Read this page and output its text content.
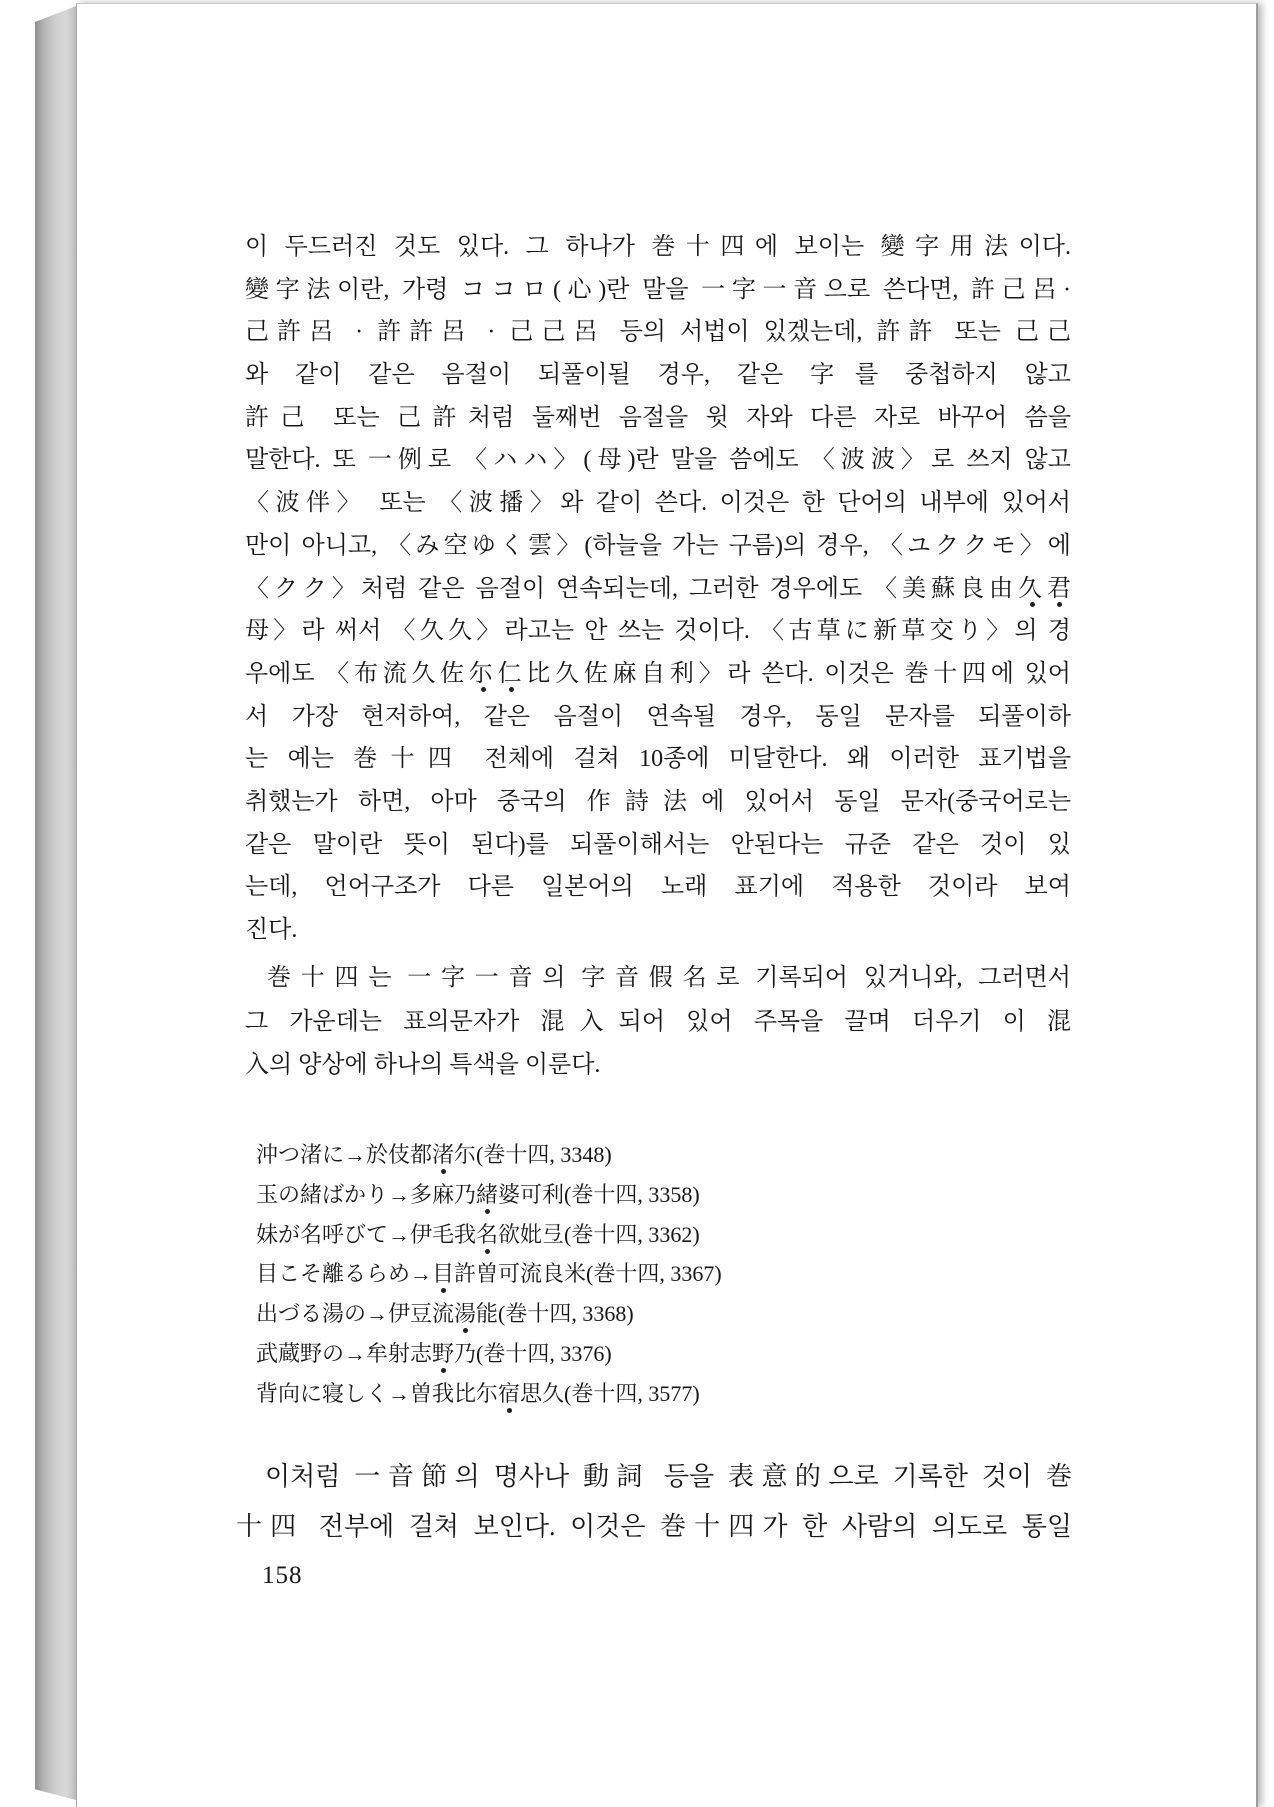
이 두드러진 것도 있다. 그 하나가 巻十四에 보이는 變字用法이다.
變字法이란, 가령 ココロ(心)란 말을 一字一音으로 쓴다면, 許己呂·
己許呂 · 許許呂 · 己己呂 등의 서법이 있겠는데, 許許 또는 己己
와 같이 같은 음절이 되풀이될 경우, 같은 字를 중첩하지 않고
許己 또는 己許처럼 둘째번 음절을 윗 자와 다른 자로 바꾸어 씀을
말한다. 또 一例로 〈ハハ〉(母)란 말을 씀에도 〈波波〉로 쓰지 않고
〈波伴〉 또는 〈波播〉와 같이 쓴다. 이것은 한 단어의 내부에 있어서
만이 아니고, 〈み空ゆく雲〉(하늘을 가는 구름)의 경우, 〈ユククモ〉에
〈クク〉처럼 같은 음절이 연속되는데, 그러한 경우에도 〈美蘇良由久君
母〉라 써서 〈久久〉라고는 안 쓰는 것이다. 〈古草に新草交り〉의 경
우에도 〈布流久佐尓仁比久佐麻自利〉라 쓴다. 이것은 巻十四에 있어
서 가장 현저하여, 같은 음절이 연속될 경우, 동일 문자를 되풀이하
는 예는 巻十四 전체에 걸쳐 10종에 미달한다. 왜 이러한 표기법을
취했는가 하면, 아마 중국의 作詩法에 있어서 동일 문자(중국어로는
같은 말이란 뜻이 된다)를 되풀이해서는 안된다는 규준 같은 것이 있
는데, 언어구조가 다른 일본어의 노래 표기에 적용한 것이라 보여
진다.
巻十四는 一字一音의 字音假名로 기록되어 있거니와, 그러면서
그 가운데는 표의문자가 混入되어 있어 주목을 끌며 더우기 이 混
入의 양상에 하나의 특색을 이룬다.
沖つ渚に→於伎都渚尓(巻十四, 3348)
玉の緒ばかり→多麻乃緒婆可利(巻十四, 3358)
妹が名呼びて→伊毛我名欲妣弖(巻十四, 3362)
目こそ離るらめ→目許曽可流良米(巻十四, 3367)
出づる湯の→伊豆流湯能(巻十四, 3368)
武蔵野の→牟射志野乃(巻十四, 3376)
背向に寝しく→曽我比尓宿思久(巻十四, 3577)
이처럼 一音節의 명사나 動詞 등을 表意的으로 기록한 것이 巻
十四 전부에 걸쳐 보인다. 이것은 巻十四가 한 사람의 의도로 통일
158
